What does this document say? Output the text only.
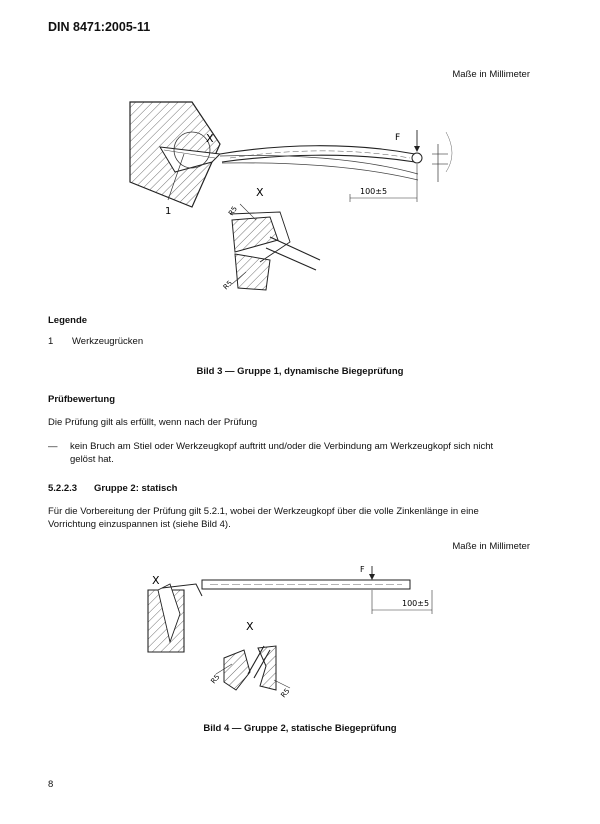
DIN 8471:2005-11
Maße in Millimeter
X
1
F
100±5
X
R5
R5
Legende
1 Werkzeugrücken
Bild 3 — Gruppe 1, dynamische Biegeprüfung
Prüfbewertung
Die Prüfung gilt als erfüllt, wenn nach der Prüfung
— kein Bruch am Stiel oder Werkzeugkopf auftritt und/oder die Verbindung am Werkzeugkopf sich nicht
gelöst hat.
5.2.2.3 Gruppe 2: statisch
Für die Vorbereitung der Prüfung gilt 5.2.1, wobei der Werkzeugkopf über die volle Zinkenlänge in eine
Vorrichtung einzuspannen ist (siehe Bild 4).
Maße in Millimeter
X
F
100±5
X
R5
R5
Bild 4 — Gruppe 2, statische Biegeprüfung
8
